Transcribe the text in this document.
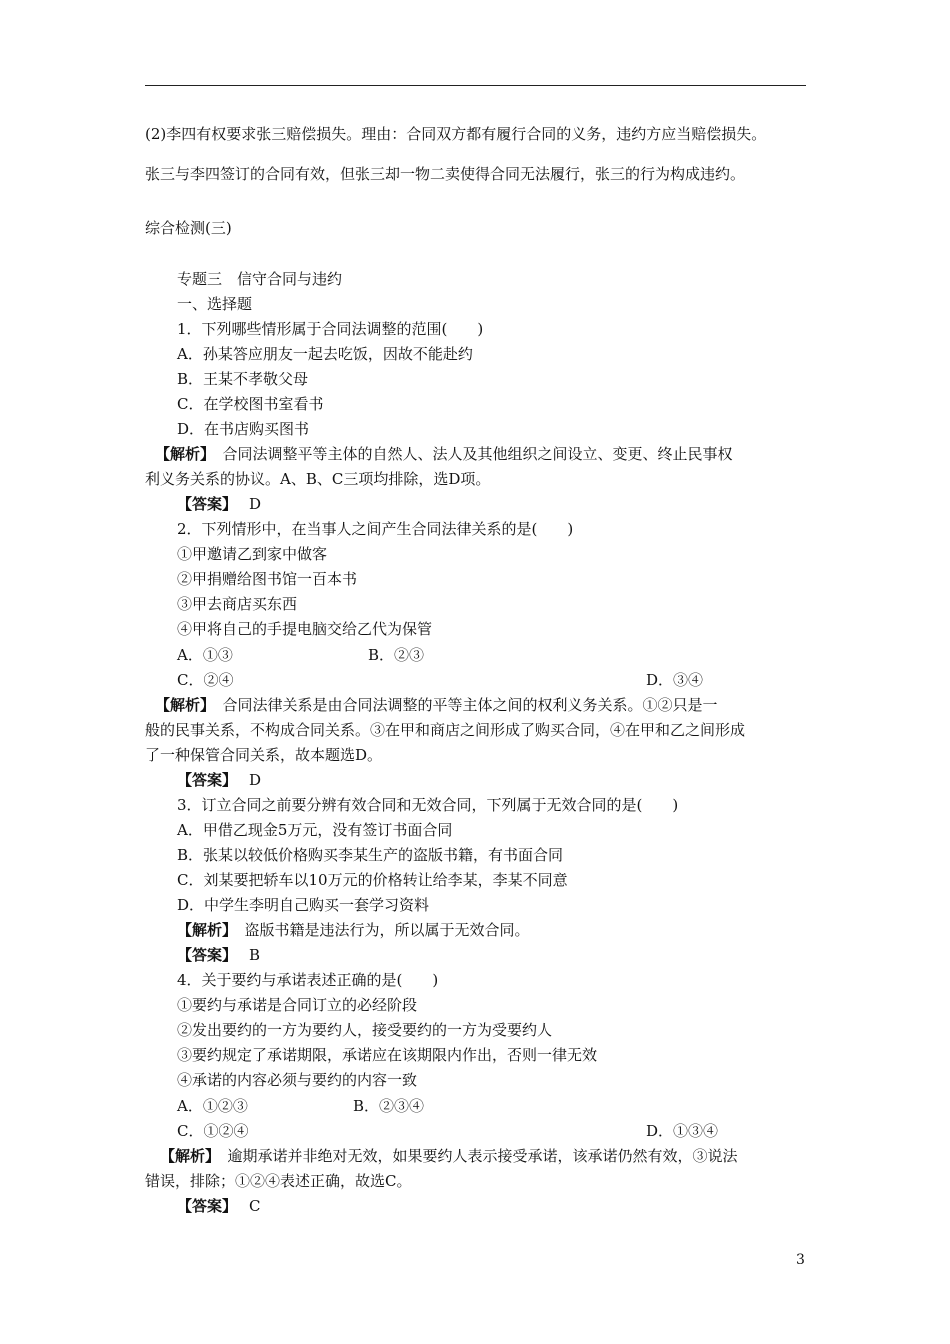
(2)李四有权要求张三赔偿损失。理由：合同双方都有履行合同的义务，违约方应当赔偿损失。
张三与李四签订的合同有效，但张三却一物二卖使得合同无法履行，张三的行为构成违约。
综合检测(三)
专题三　信守合同与违约
一、选择题
1．下列哪些情形属于合同法调整的范围(　　)
A．孙某答应朋友一起去吃饭，因故不能赴约
B．王某不孝敬父母
C．在学校图书室看书
D．在书店购买图书
【解析】　合同法调整平等主体的自然人、法人及其他组织之间设立、变更、终止民事权
利义务关系的协议。A、B、C三项均排除，选D项。
【答案】 D
2．下列情形中，在当事人之间产生合同法律关系的是(　　)
①甲邀请乙到家中做客
②甲捐赠给图书馆一百本书
③甲去商店买东西
④甲将自己的手提电脑交给乙代为保管
A．①③	B．②③
C．②④	D．③④
【解析】　合同法律关系是由合同法调整的平等主体之间的权利义务关系。①②只是一
般的民事关系，不构成合同关系。③在甲和商店之间形成了购买合同，④在甲和乙之间形成
了一种保管合同关系，故本题选D。
【答案】 D
3．订立合同之前要分辨有效合同和无效合同，下列属于无效合同的是(　　)
A．甲借乙现金5万元，没有签订书面合同
B．张某以较低价格购买李某生产的盗版书籍，有书面合同
C．刘某要把轿车以10万元的价格转让给李某，李某不同意
D．中学生李明自己购买一套学习资料
【解析】　盗版书籍是违法行为，所以属于无效合同。
【答案】 B
4．关于要约与承诺表述正确的是(　　)
①要约与承诺是合同订立的必经阶段
②发出要约的一方为要约人，接受要约的一方为受要约人
③要约规定了承诺期限，承诺应在该期限内作出，否则一律无效
④承诺的内容必须与要约的内容一致
A．①②③	B．②③④
C．①②④	D．①③④
【解析】　逾期承诺并非绝对无效，如果要约人表示接受承诺，该承诺仍然有效，③说法
错误，排除；①②④表述正确，故选C。
【答案】 C
3
